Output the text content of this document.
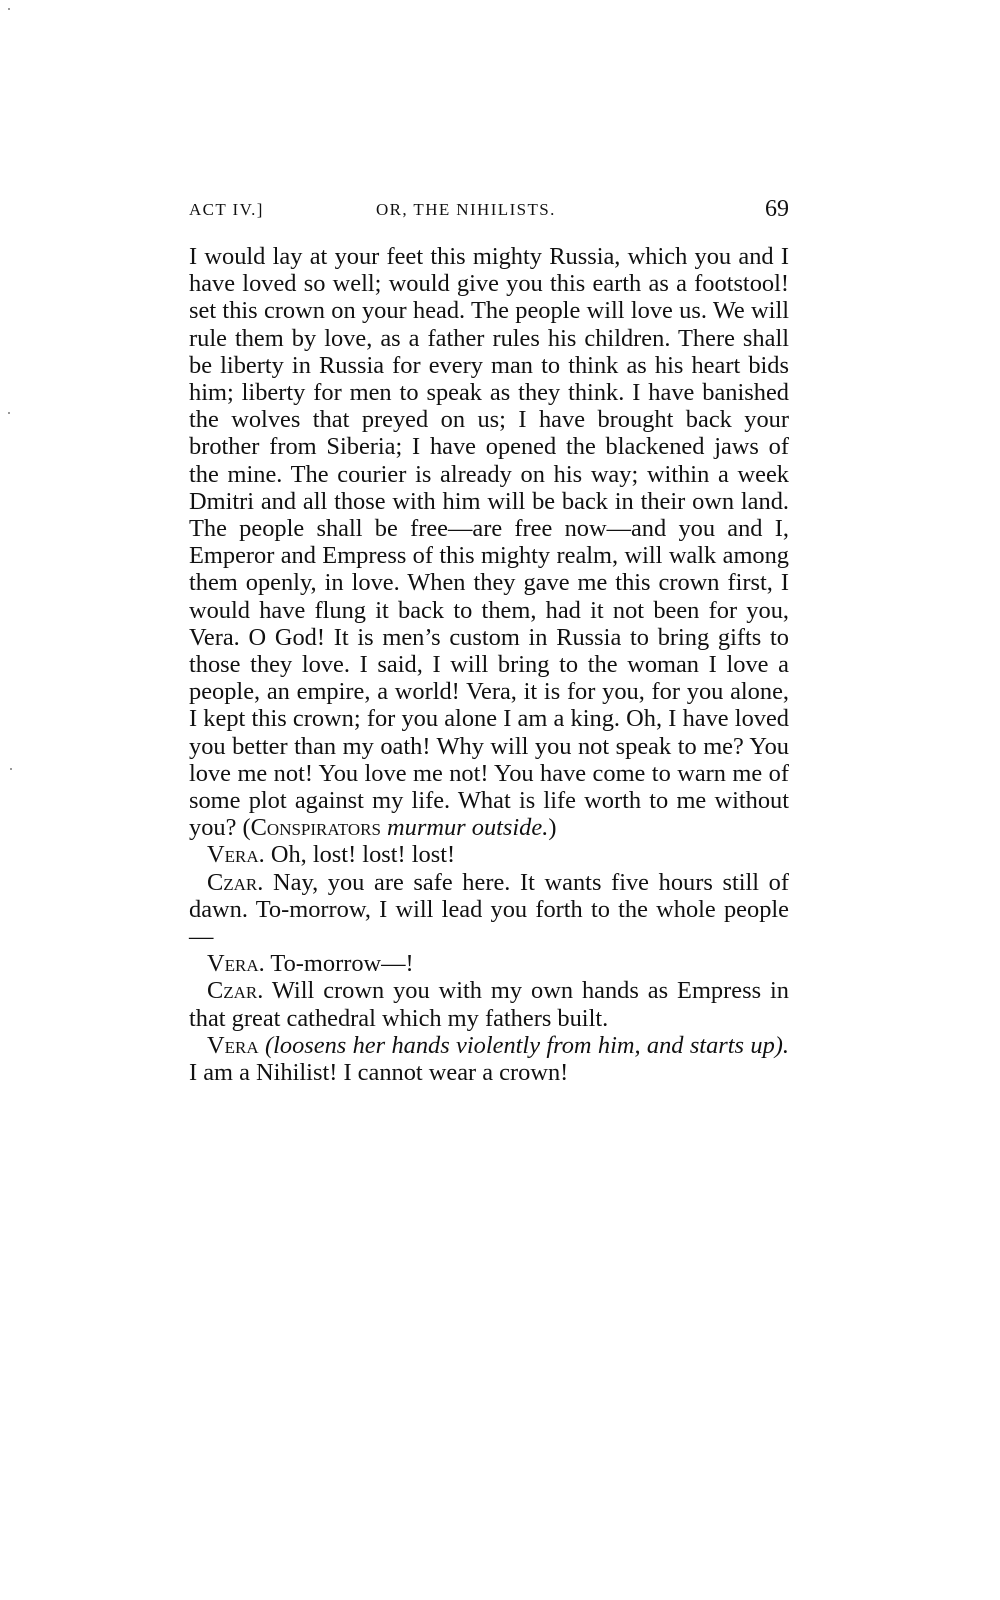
ACT IV.]	OR, THE NIHILISTS.	69

I would lay at your feet this mighty Russia, which you and I have loved so well; would give you this earth as a footstool! set this crown on your head. The people will love us. We will rule them by love, as a father rules his children. There shall be liberty in Russia for every man to think as his heart bids him; liberty for men to speak as they think. I have banished the wolves that preyed on us; I have brought back your brother from Siberia; I have opened the blackened jaws of the mine. The courier is already on his way; within a week Dmitri and all those with him will be back in their own land. The people shall be free—are free now—and you and I, Emperor and Empress of this mighty realm, will walk among them openly, in love. When they gave me this crown first, I would have flung it back to them, had it not been for you, Vera. O God! It is men’s custom in Russia to bring gifts to those they love. I said, I will bring to the woman I love a people, an empire, a world! Vera, it is for you, for you alone, I kept this crown; for you alone I am a king. Oh, I have loved you better than my oath! Why will you not speak to me? You love me not! You love me not! You have come to warn me of some plot against my life. What is life worth to me without you? (Conspirators murmur outside.)

Vera. Oh, lost! lost! lost!

Czar. Nay, you are safe here. It wants five hours still of dawn. To-morrow, I will lead you forth to the whole people—

Vera. To-morrow—!

Czar. Will crown you with my own hands as Empress in that great cathedral which my fathers built.

Vera (loosens her hands violently from him, and starts up). I am a Nihilist! I cannot wear a crown!
